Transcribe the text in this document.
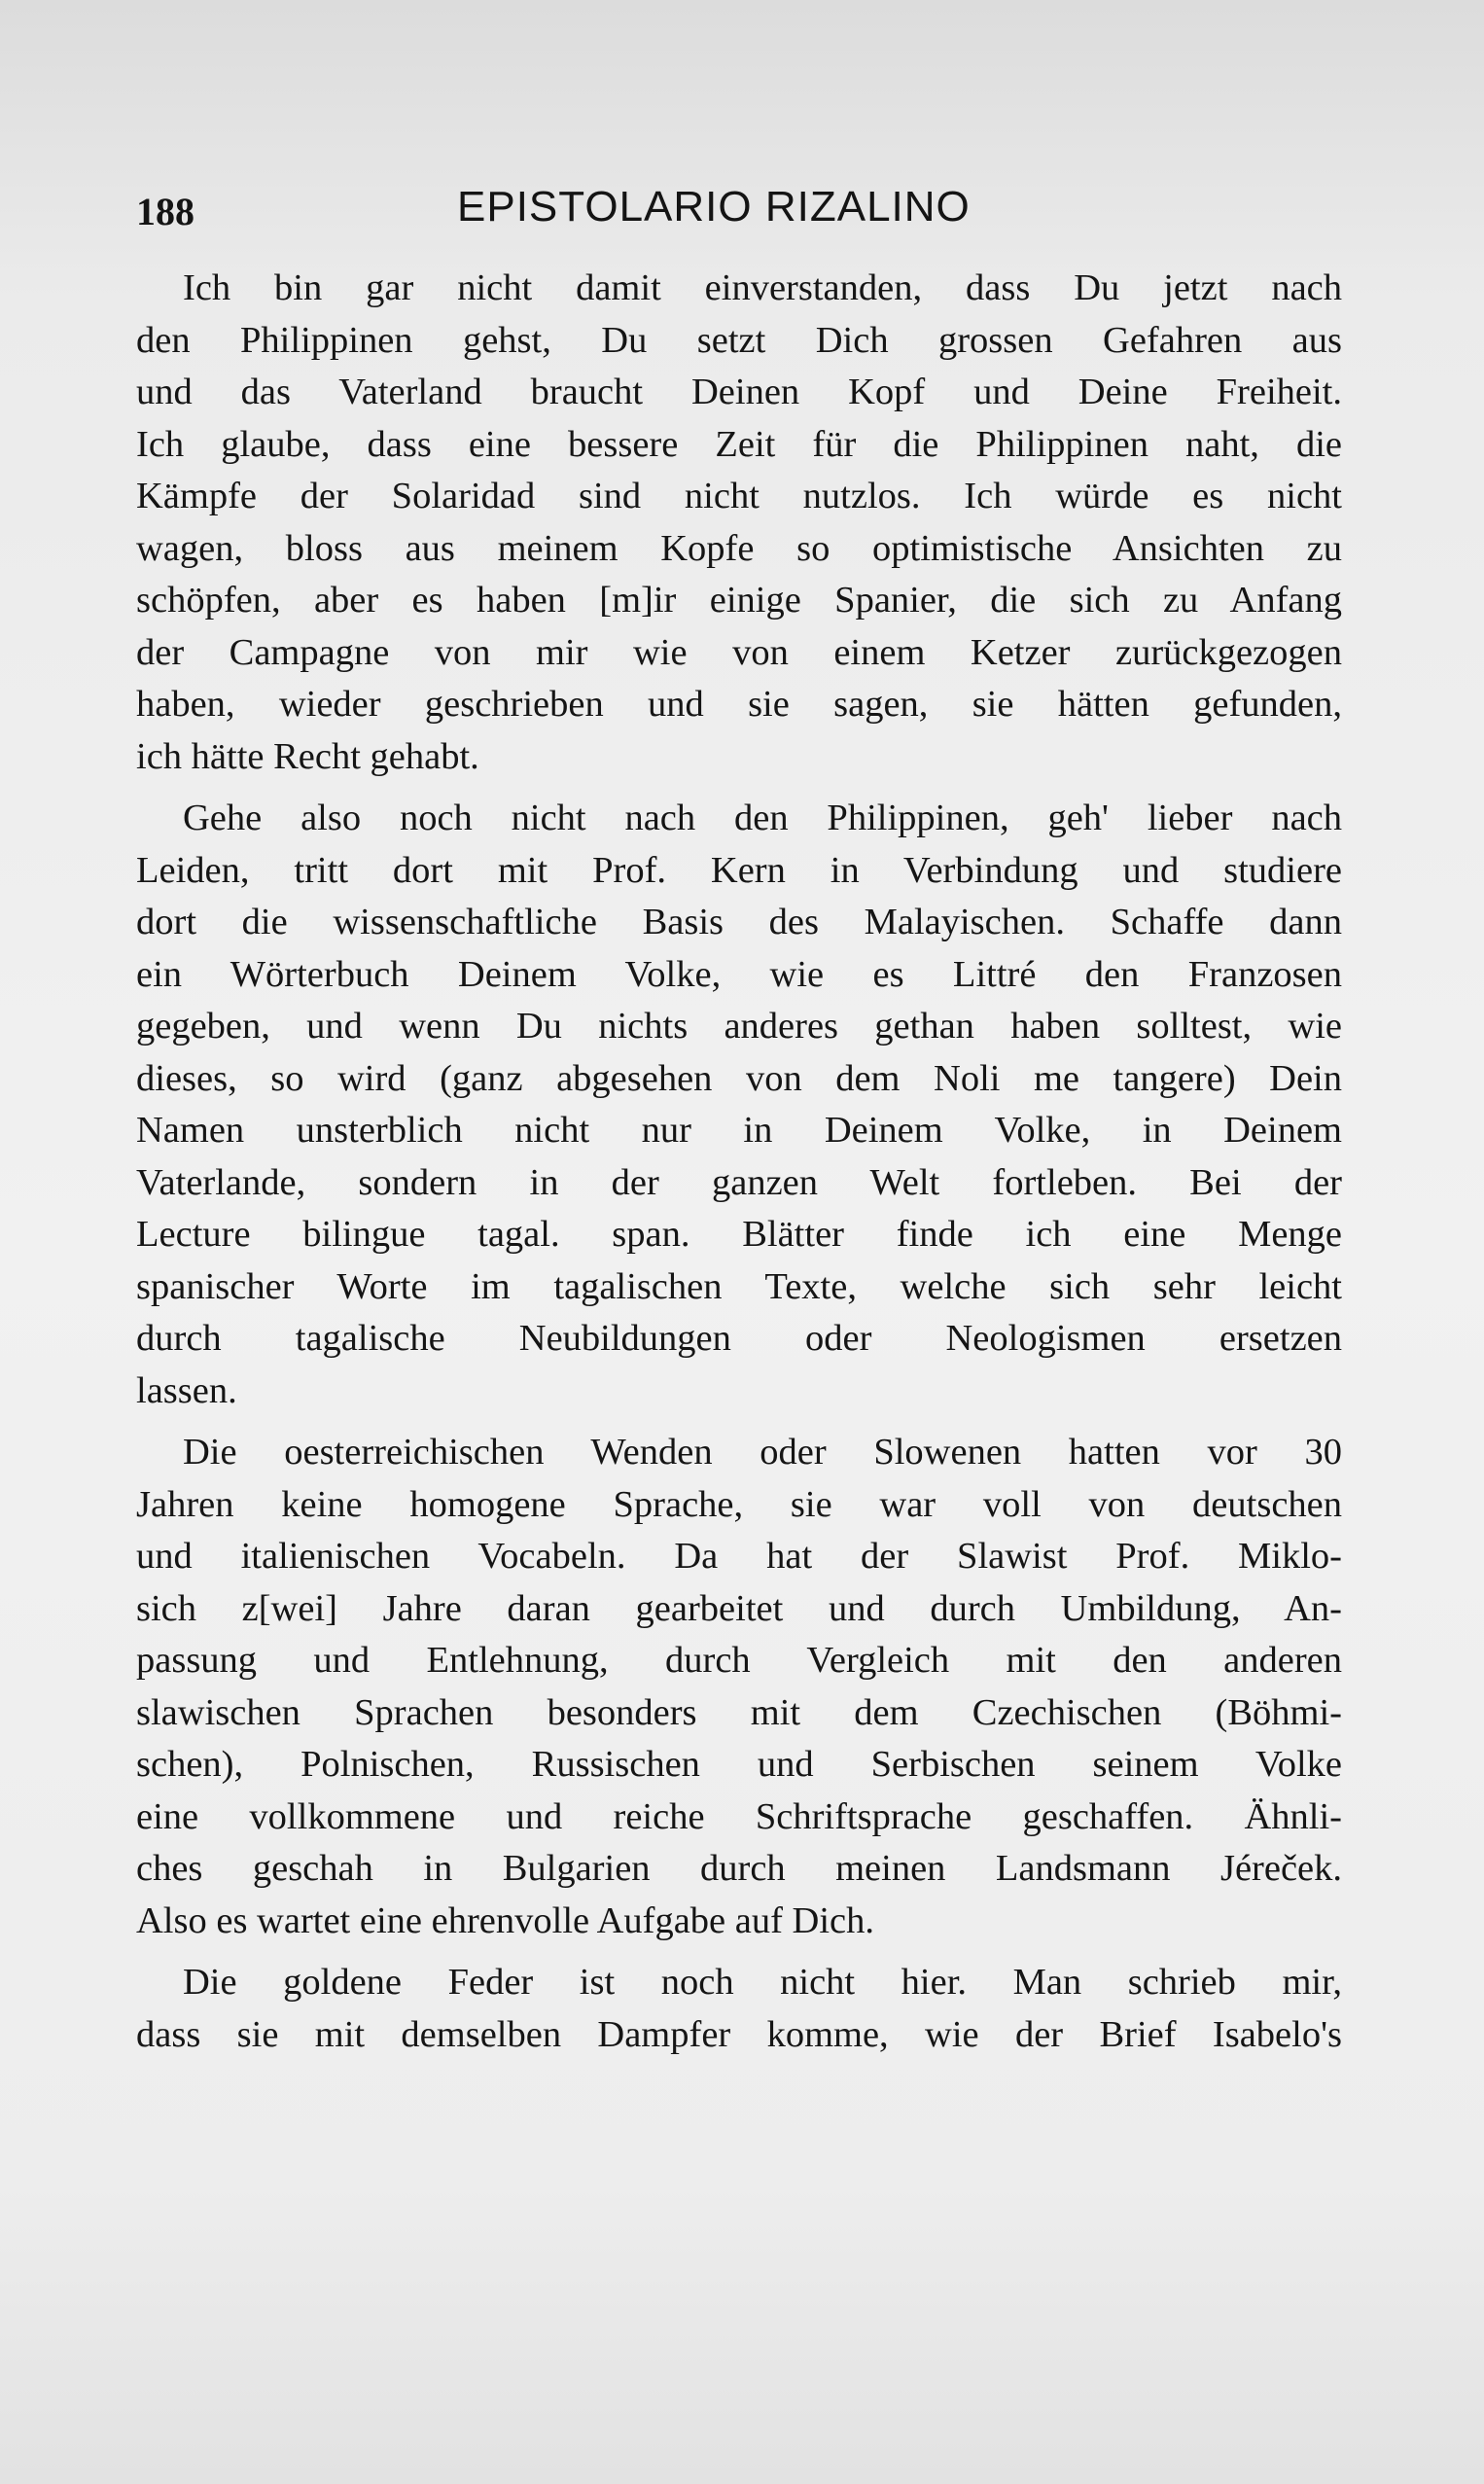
188	EPISTOLARIO RIZALINO
Ich bin gar nicht damit einverstanden, dass Du jetzt nach
den Philippinen gehst, Du setzt Dich grossen Gefahren aus
und das Vaterland braucht Deinen Kopf und Deine Freiheit.
Ich glaube, dass eine bessere Zeit für die Philippinen naht, die
Kämpfe der Solaridad sind nicht nutzlos. Ich würde es nicht
wagen, bloss aus meinem Kopfe so optimistische Ansichten zu
schöpfen, aber es haben [m]ir einige Spanier, die sich zu Anfang
der Campagne von mir wie von einem Ketzer zurückgezogen
haben, wieder geschrieben und sie sagen, sie hätten gefunden,
ich hätte Recht gehabt.
Gehe also noch nicht nach den Philippinen, geh' lieber nach
Leiden, tritt dort mit Prof. Kern in Verbindung und studiere
dort die wissenschaftliche Basis des Malayischen. Schaffe dann
ein Wörterbuch Deinem Volke, wie es Littré den Franzosen
gegeben, und wenn Du nichts anderes gethan haben solltest, wie
dieses, so wird (ganz abgesehen von dem Noli me tangere) Dein
Namen unsterblich nicht nur in Deinem Volke, in Deinem
Vaterlande, sondern in der ganzen Welt fortleben. Bei der
Lecture bilingue tagal. span. Blätter finde ich eine Menge
spanischer Worte im tagalischen Texte, welche sich sehr leicht
durch tagalische Neubildungen oder Neologismen ersetzen
lassen.
Die oesterreichischen Wenden oder Slowenen hatten vor 30
Jahren keine homogene Sprache, sie war voll von deutschen
und italienischen Vocabeln. Da hat der Slawist Prof. Miklo-
sich z[wei] Jahre daran gearbeitet und durch Umbildung, An-
passung und Entlehnung, durch Vergleich mit den anderen
slawischen Sprachen besonders mit dem Czechischen (Böhmi-
schen), Polnischen, Russischen und Serbischen seinem Volke
eine vollkommene und reiche Schriftsprache geschaffen. Ähnli-
ches geschah in Bulgarien durch meinen Landsmann Jéreček.
Also es wartet eine ehrenvolle Aufgabe auf Dich.
Die goldene Feder ist noch nicht hier. Man schrieb mir,
dass sie mit demselben Dampfer komme, wie der Brief Isabelo's
